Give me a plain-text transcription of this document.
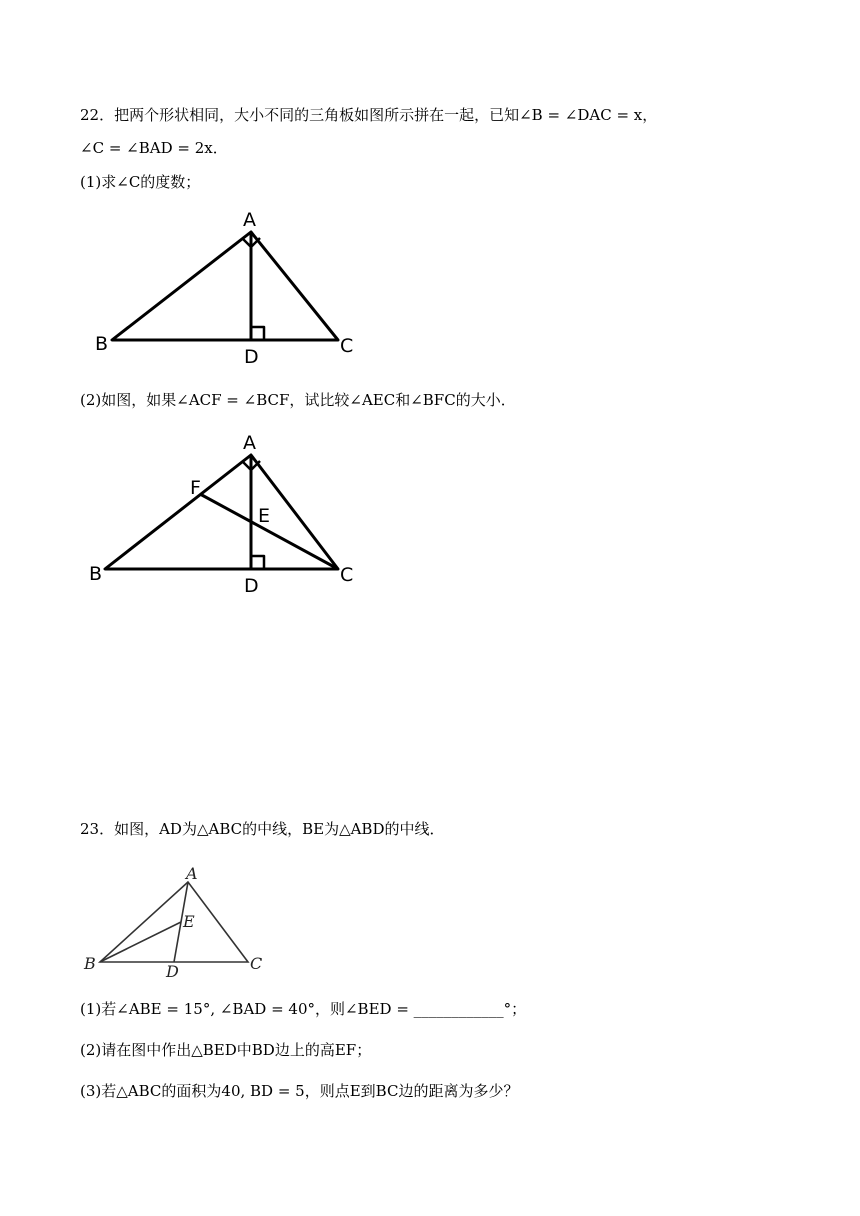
22．把两个形状相同，大小不同的三角板如图所示拼在一起，已知∠B = ∠DAC = x，
∠C = ∠BAD = 2x．
(1)求∠C的度数；
A
B	C
D
(2)如图，如果∠ACF = ∠BCF，试比较∠AEC和∠BFC的大小．
A
F
E
B	C
D
23．如图，AD为△ABC的中线，BE为△ABD的中线．
A
E
B	D	C
(1)若∠ABE = 15°, ∠BAD = 40°，则∠BED = ____________°；
(2)请在图中作出△BED中BD边上的高EF；
(3)若△ABC的面积为40, BD = 5，则点E到BC边的距离为多少？
